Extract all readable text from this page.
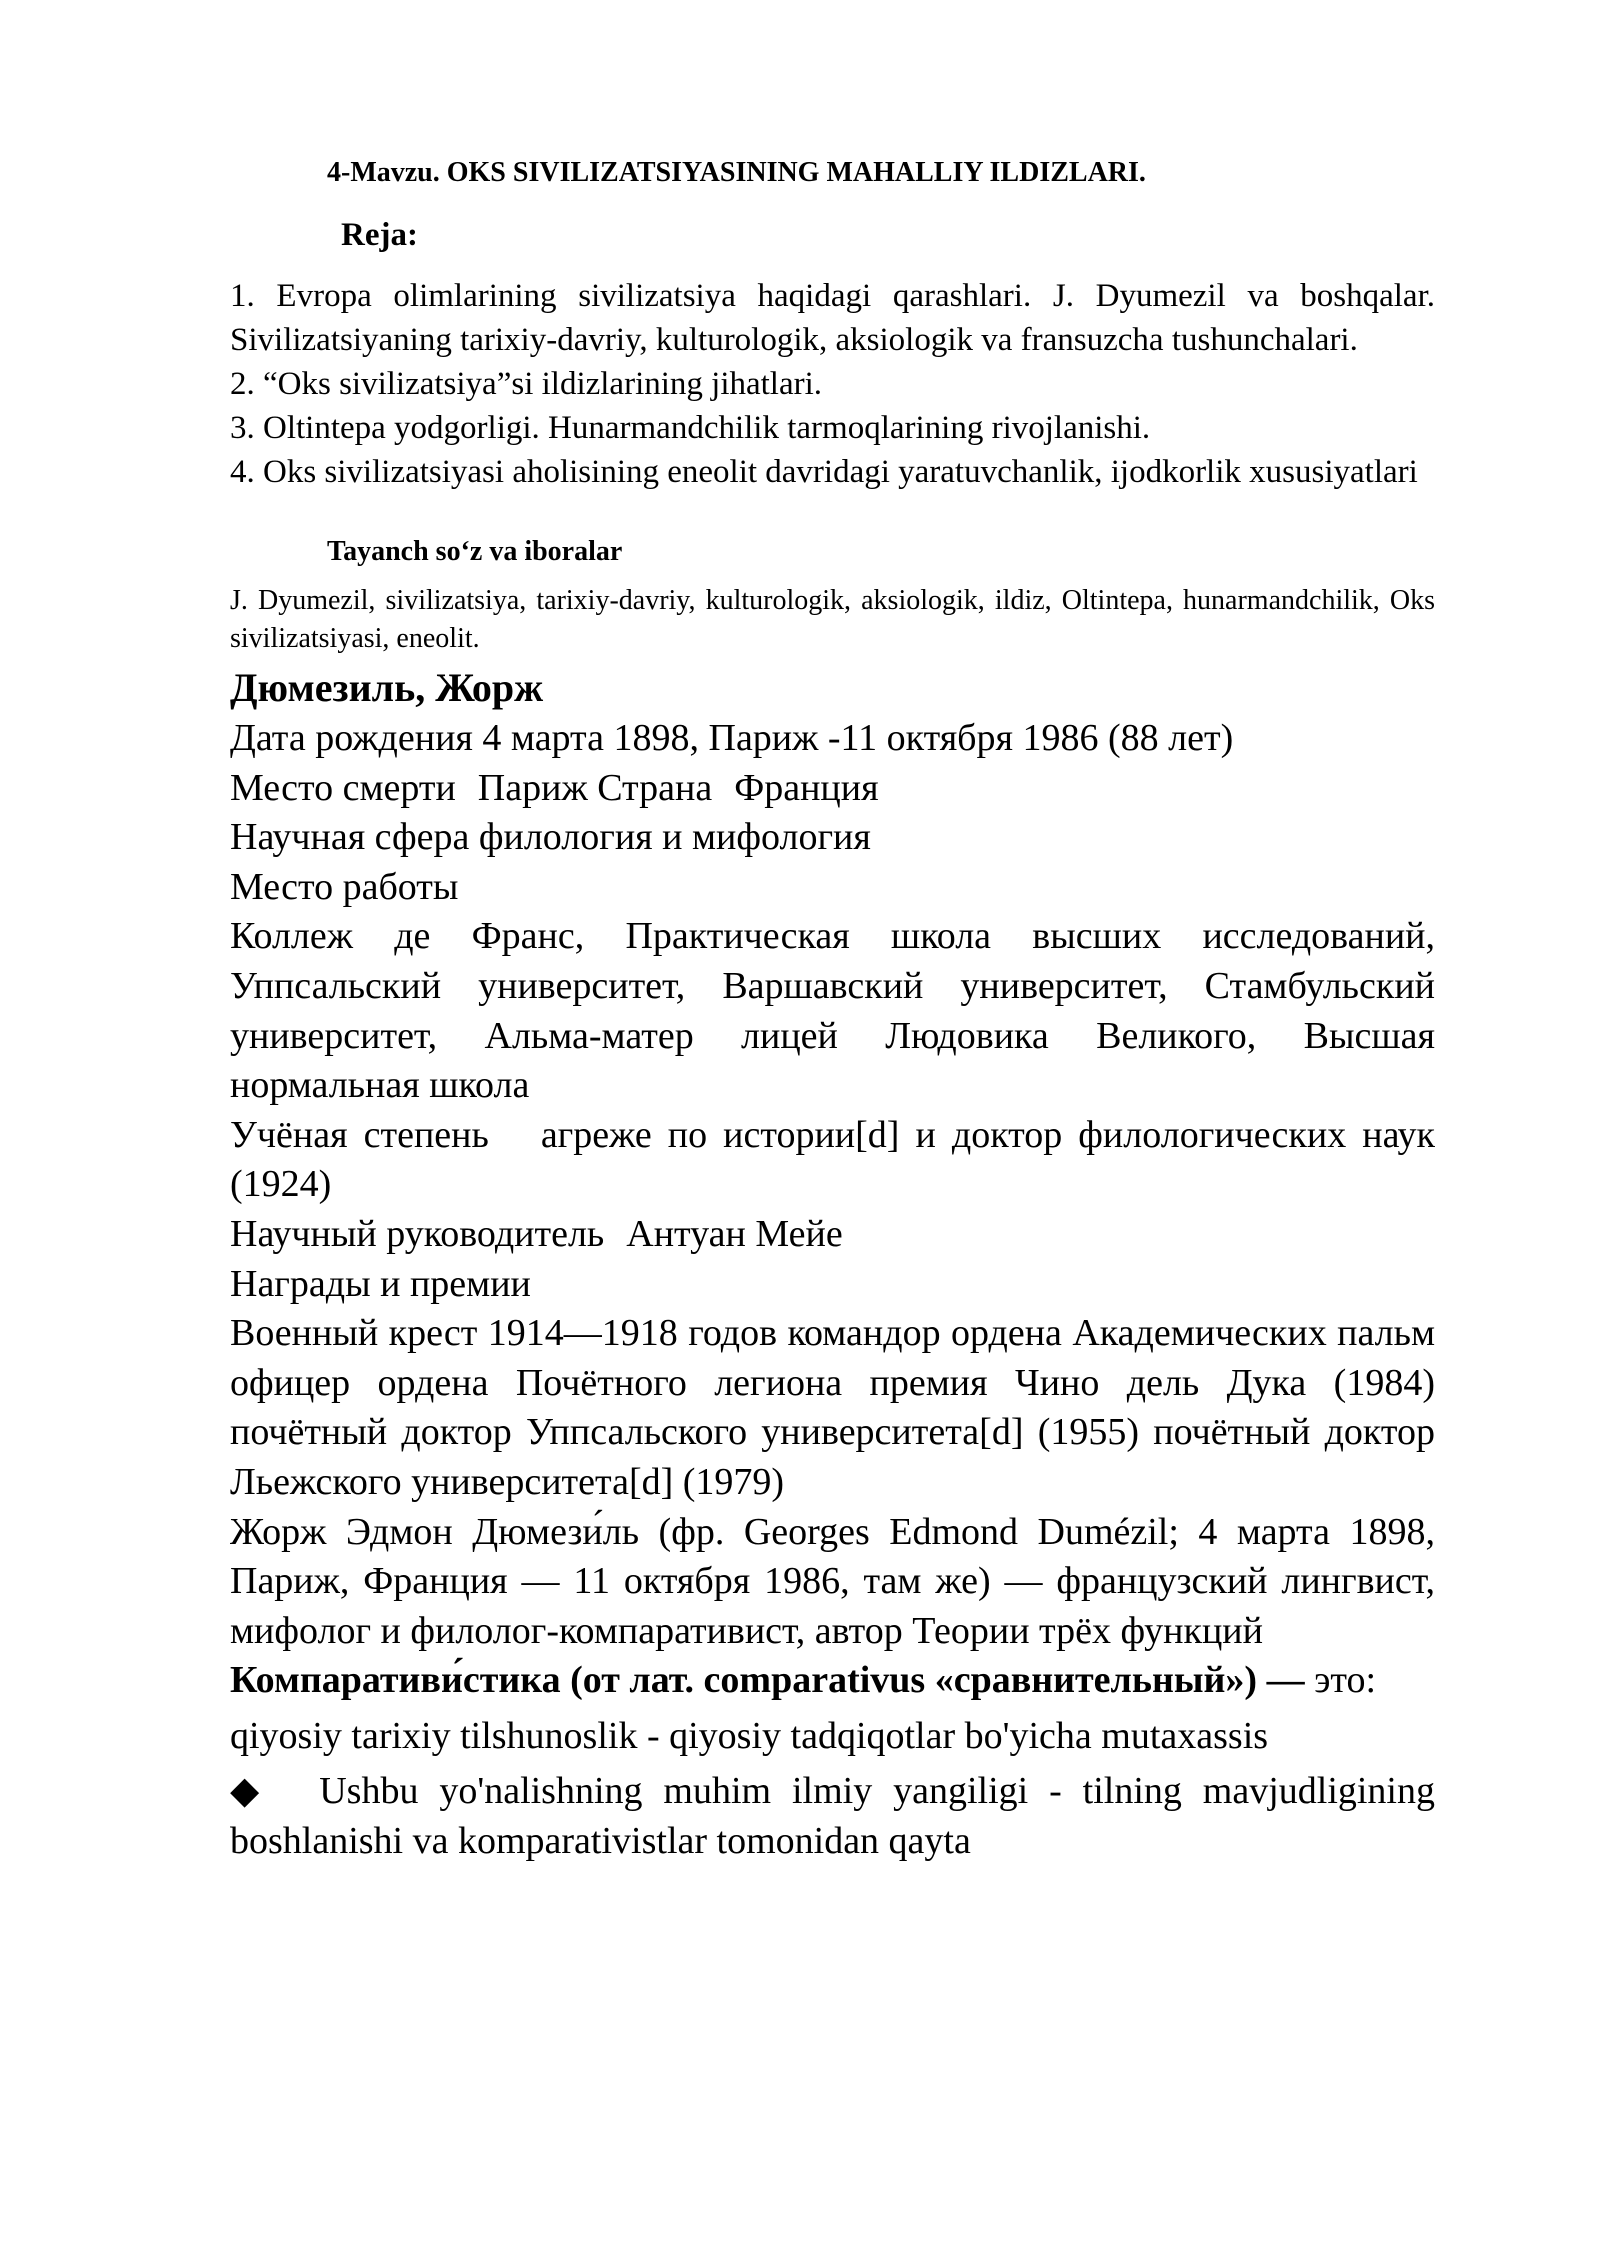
4-Mavzu. OKS SIVILIZATSIYASINING MAHALLIY ILDIZLARI.
Reja:

1. Evropa olimlarining sivilizatsiya haqidagi qarashlari. J. Dyumezil va boshqalar. Sivilizatsiyaning tarixiy-davriy, kulturologik, aksiologik va fransuzcha tushunchalari.

2. “Oks sivilizatsiya”si ildizlarining jihatlari.

3. Oltintepa yodgorligi. Hunarmandchilik tarmoqlarining rivojlanishi.

4. Oks sivilizatsiyasi aholisining eneolit davridagi yaratuvchanlik, ijodkorlik xususiyatlari

Tayanch so‘z va iboralar
J. Dyumezil, sivilizatsiya, tarixiy-davriy, kulturologik, aksiologik, ildiz, Oltintepa, hunarmandchilik, Oks sivilizatsiyasi, eneolit.
Дюмезиль, Жорж

Дата рождения 4 марта 1898, Париж -11 октября 1986 (88 лет)

Место смерти Париж Страна Франция

Научная сфера филология и мифология

Место работы

Коллеж де Франс, Практическая школа высших исследований, Уппсальский университет, Варшавский университет, Стамбульский университет, Альма-матер лицей Людовика Великого, Высшая нормальная школа

Учёная степень агреже по истории[d] и доктор филологических наук (1924)

Научный руководитель Антуан Мейе

Награды и премии

Военный крест 1914—1918 годов командор ордена Академических пальм офицер ордена Почётного легиона премия Чино дель Дука (1984) почётный доктор Уппсальского университета[d] (1955) почётный доктор Льежского университета[d] (1979)

Жорж Эдмон Дюмези́ль (фр. Georges Edmond Dumézil; 4 марта 1898, Париж, Франция — 11 октября 1986, там же) — французский лингвист, мифолог и филолог-компаративист, автор Теории трёх функций

Компаративи́стика (от лат. comparativus «сравнительный») — это:

qiyosiy tarixiy tilshunoslik - qiyosiy tadqiqotlar bo'yicha mutaxassis

◆ Ushbu yo'nalishning muhim ilmiy yangiligi - tilning mavjudligining boshlanishi va komparativistlar tomonidan qayta
